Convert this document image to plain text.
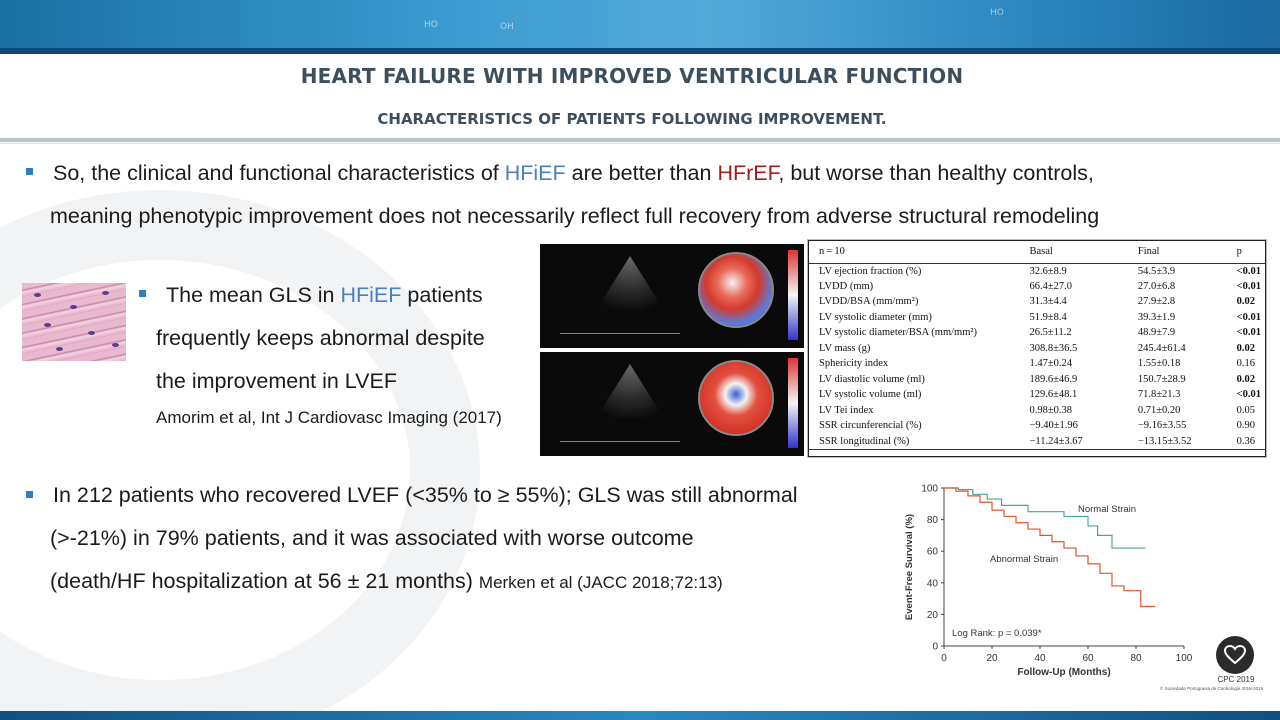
HO	OH
HO
HEART FAILURE WITH IMPROVED VENTRICULAR FUNCTION
CHARACTERISTICS OF PATIENTS FOLLOWING IMPROVEMENT.
So, the clinical and functional characteristics of HFiEF are better than HFrEF, but worse than healthy controls,
meaning phenotypic improvement does not necessarily reflect full recovery from adverse structural remodeling
The mean GLS in HFiEF patients
frequently keeps abnormal despite
the improvement in LVEF
Amorim et al, Int J Cardiovasc Imaging (2017)
n = 10	Basal	Final	p
LV ejection fraction (%)	32.6±8.9	54.5±3.9	<0.01
LVDD (mm)	66.4±27.0	27.0±6.8	<0.01
LVDD/BSA (mm/mm²)	31.3±4.4	27.9±2.8	0.02
LV systolic diameter (mm)	51.9±8.4	39.3±1.9	<0.01
LV systolic diameter/BSA (mm/mm²)	26.5±11.2	48.9±7.9	<0.01
LV mass (g)	308.8±36.5	245.4±61.4	0.02
Sphericity index	1.47±0.24	1.55±0.18	0.16
LV diastolic volume (ml)	189.6±46.9	150.7±28.9	0.02
LV systolic volume (ml)	129.6±48.1	71.8±21.3	<0.01
LV Tei index	0.98±0.38	0.71±0.20	0.05
SSR circunferencial (%)	−9.40±1.96	−9.16±3.55	0.90
SSR longitudinal (%)	−11.24±3.67	−13.15±3.52	0.36
In 212 patients who recovered LVEF (<35% to ≥ 55%); GLS was still abnormal
(>-21%) in 79% patients, and it was associated with worse outcome
(death/HF hospitalization at 56 ± 21 months) Merken et al (JACC 2018;72:13)
0
20
40
60
80
100
0	20	40	60	80	100
Follow-Up (Months)
Event-Free Survival (%)
Normal Strain
Abnormal Strain
Log Rank: p = 0.039*
CPC 2019
© Sociedade Portuguesa de Cardiologia 2018-2019
